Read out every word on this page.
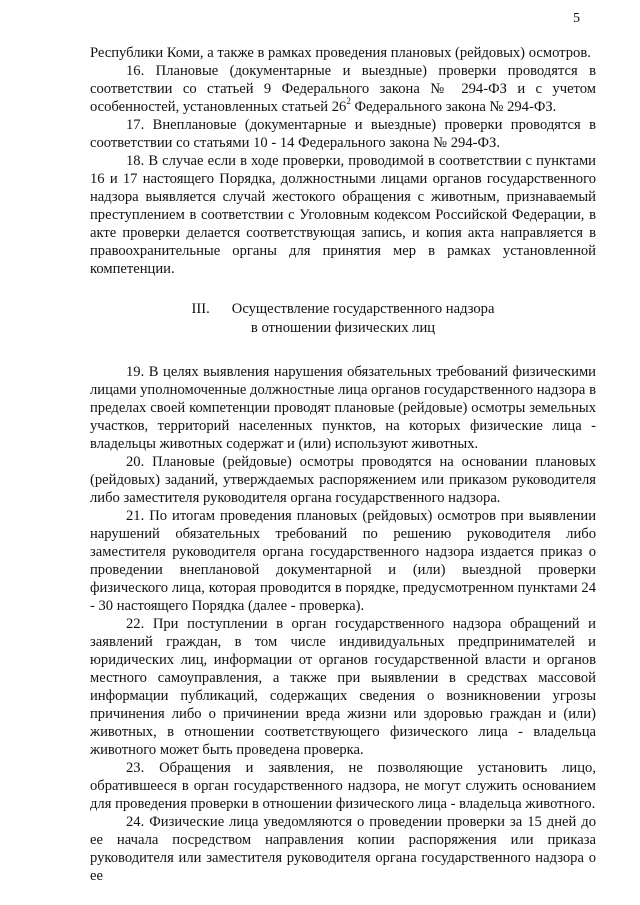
5

Республики Коми, а также в рамках проведения плановых (рейдовых) осмотров.

16. Плановые (документарные и выездные) проверки проводятся в соответствии со статьей 9 Федерального закона № 294-ФЗ и с учетом особенностей, установленных статьей $26^2$ Федерального закона № 294-ФЗ.

17. Внеплановые (документарные и выездные) проверки проводятся в соответствии со статьями 10 - 14 Федерального закона № 294-ФЗ.

18. В случае если в ходе проверки, проводимой в соответствии с пунктами 16 и 17 настоящего Порядка, должностными лицами органов государственного надзора выявляется случай жестокого обращения с животным, признаваемый преступлением в соответствии с Уголовным кодексом Российской Федерации, в акте проверки делается соответствующая запись, и копия акта направляется в правоохранительные органы для принятия мер в рамках установленной компетенции.

III. Осуществление государственного надзора
в отношении физических лиц

19. В целях выявления нарушения обязательных требований физическими лицами уполномоченные должностные лица органов государственного надзора в пределах своей компетенции проводят плановые (рейдовые) осмотры земельных участков, территорий населенных пунктов, на которых физические лица - владельцы животных содержат и (или) используют животных.

20. Плановые (рейдовые) осмотры проводятся на основании плановых (рейдовых) заданий, утверждаемых распоряжением или приказом руководителя либо заместителя руководителя органа государственного надзора.

21. По итогам проведения плановых (рейдовых) осмотров при выявлении нарушений обязательных требований по решению руководителя либо заместителя руководителя органа государственного надзора издается приказ о проведении внеплановой документарной и (или) выездной проверки физического лица, которая проводится в порядке, предусмотренном пунктами 24 - 30 настоящего Порядка (далее - проверка).

22. При поступлении в орган государственного надзора обращений и заявлений граждан, в том числе индивидуальных предпринимателей и юридических лиц, информации от органов государственной власти и органов местного самоуправления, а также при выявлении в средствах массовой информации публикаций, содержащих сведения о возникновении угрозы причинения либо о причинении вреда жизни или здоровью граждан и (или) животных, в отношении соответствующего физического лица - владельца животного может быть проведена проверка.

23. Обращения и заявления, не позволяющие установить лицо, обратившееся в орган государственного надзора, не могут служить основанием для проведения проверки в отношении физического лица - владельца животного.

24. Физические лица уведомляются о проведении проверки за 15 дней до ее начала посредством направления копии распоряжения или приказа руководителя или заместителя руководителя органа государственного надзора о ее
